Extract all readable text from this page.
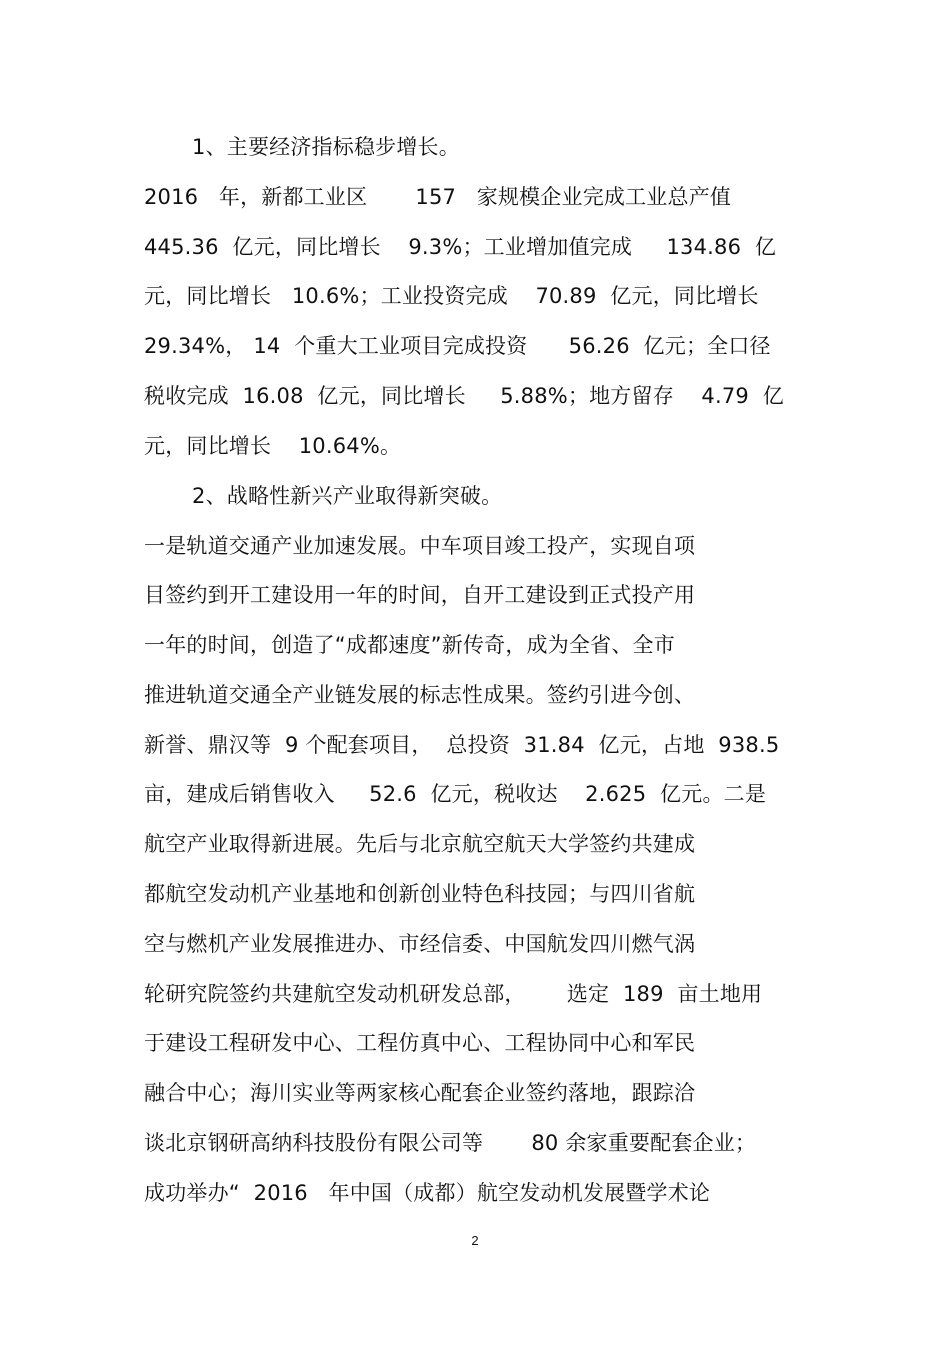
1、主要经济指标稳步增长。
2016   年，新都工业区       157   家规模企业完成工业总产值
445.36  亿元，同比增长    9.3%；工业增加值完成     134.86  亿
元，同比增长   10.6%；工业投资完成    70.89  亿元，同比增长
29.34%， 14  个重大工业项目完成投资      56.26  亿元；全口径
税收完成  16.08  亿元，同比增长     5.88%；地方留存    4.79  亿
元，同比增长    10.64%。
2、战略性新兴产业取得新突破。
一是轨道交通产业加速发展。中车项目竣工投产，实现自项
目签约到开工建设用一年的时间，自开工建设到正式投产用
一年的时间，创造了“成都速度”新传奇，成为全省、全市
推进轨道交通全产业链发展的标志性成果。签约引进今创、
新誉、鼎汉等  9 个配套项目，  总投资  31.84  亿元，占地  938.5
亩，建成后销售收入     52.6  亿元，税收达    2.625  亿元。二是
航空产业取得新进展。先后与北京航空航天大学签约共建成
都航空发动机产业基地和创新创业特色科技园；与四川省航
空与燃机产业发展推进办、市经信委、中国航发四川燃气涡
轮研究院签约共建航空发动机研发总部，      选定  189  亩土地用
于建设工程研发中心、工程仿真中心、工程协同中心和军民
融合中心；海川实业等两家核心配套企业签约落地，跟踪洽
谈北京钢研高纳科技股份有限公司等       80 余家重要配套企业；
成功举办“  2016   年中国（成都）航空发动机发展暨学术论
2
